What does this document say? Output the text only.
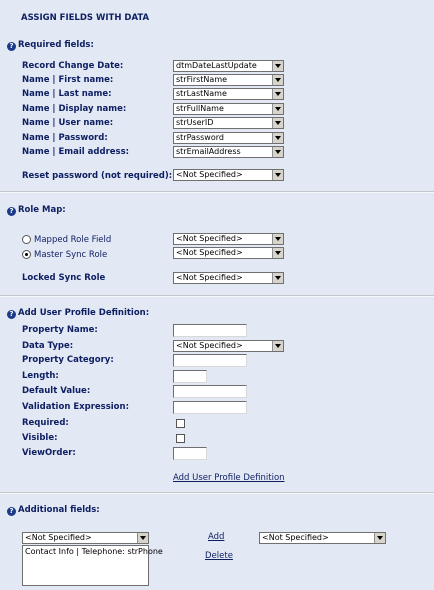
ASSIGN FIELDS WITH DATA
? Required fields:
Record Change Date:	dtmDateLastUpdate
Name | First name:	strFirstName
Name | Last name:	strLastName
Name | Display name:	strFullName
Name | User name:	strUserID
Name | Password:	strPassword
Name | Email address:	strEmailAddress
Reset password (not required): <Not Specified>
? Role Map:
Mapped Role Field	<Not Specified>
Master Sync Role	<Not Specified>
Locked Sync Role	<Not Specified>
? Add User Profile Definition:
Property Name:
Data Type:	<Not Specified>
Property Category:
Length:
Default Value:
Validation Expression:
Required:
Visible:
ViewOrder:
Add User Profile Definition
? Additional fields:
<Not Specified>
Contact Info | Telephone: strPhone
Add
Delete
<Not Specified>
